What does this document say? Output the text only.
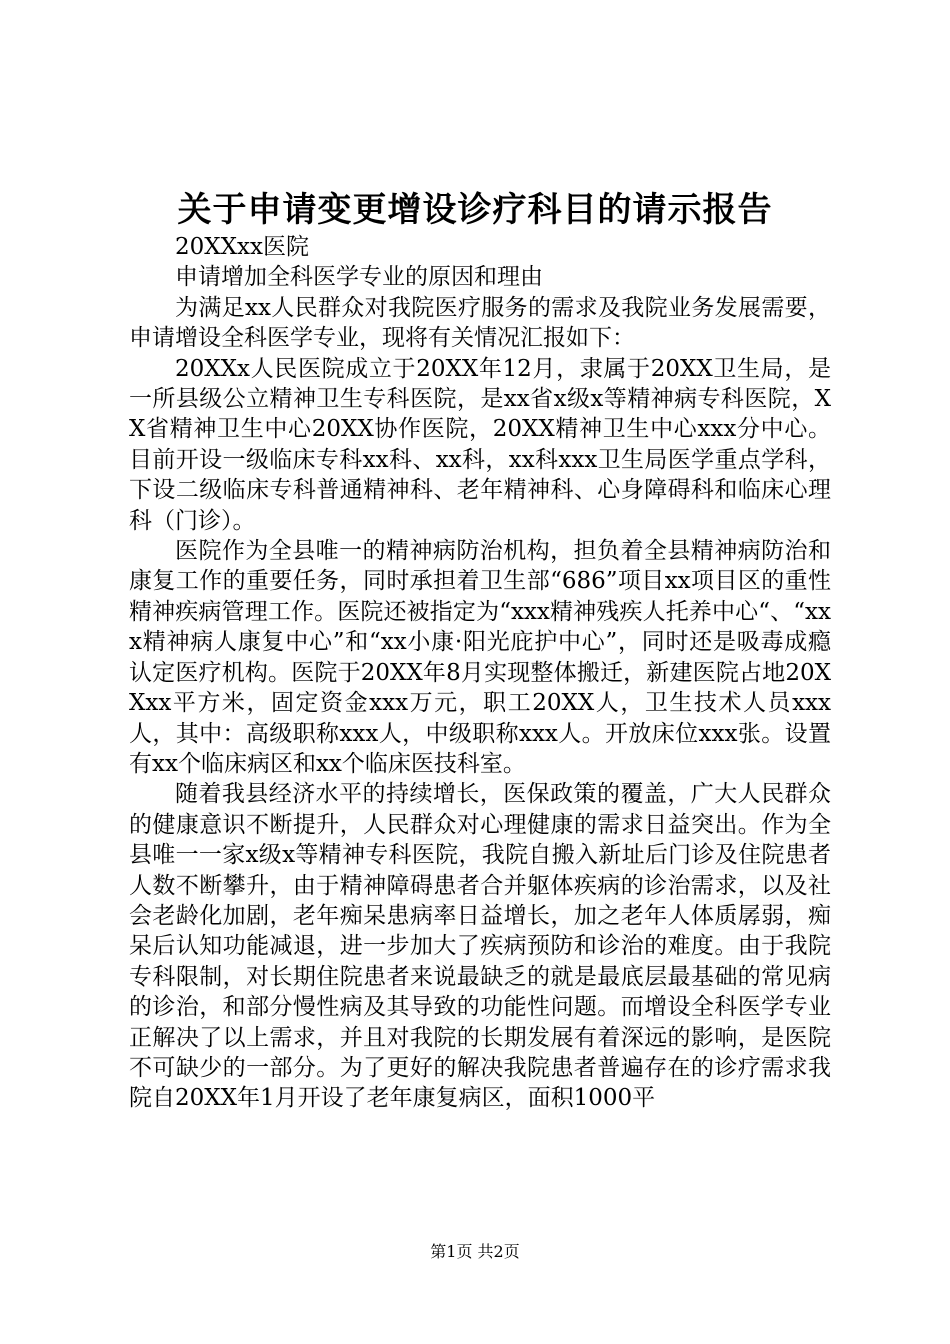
关于申请变更增设诊疗科目的请示报告

20XXxx医院

申请增加全科医学专业的原因和理由

为满足xx人民群众对我院医疗服务的需求及我院业务发展需要，申请增设全科医学专业，现将有关情况汇报如下：

20XXx人民医院成立于20XX年12月，隶属于20XX卫生局，是一所县级公立精神卫生专科医院，是xx省x级x等精神病专科医院，XX省精神卫生中心20XX协作医院，20XX精神卫生中心xxx分中心。目前开设一级临床专科xx科、xx科，xx科xxx卫生局医学重点学科，下设二级临床专科普通精神科、老年精神科、心身障碍科和临床心理科（门诊）。

医院作为全县唯一的精神病防治机构，担负着全县精神病防治和康复工作的重要任务，同时承担着卫生部“686”项目xx项目区的重性精神疾病管理工作。医院还被指定为“xxx精神残疾人托养中心“、“xxx精神病人康复中心”和“xx小康·阳光庇护中心”，同时还是吸毒成瘾认定医疗机构。医院于20XX年8月实现整体搬迁，新建医院占地20XXxx平方米，固定资金xxx万元，职工20XX人，卫生技术人员xxx人，其中：高级职称xxx人，中级职称xxx人。开放床位xxx张。设置有xx个临床病区和xx个临床医技科室。

随着我县经济水平的持续增长，医保政策的覆盖，广大人民群众的健康意识不断提升，人民群众对心理健康的需求日益突出。作为全县唯一一家x级x等精神专科医院，我院自搬入新址后门诊及住院患者人数不断攀升，由于精神障碍患者合并躯体疾病的诊治需求，以及社会老龄化加剧，老年痴呆患病率日益增长，加之老年人体质孱弱，痴呆后认知功能减退，进一步加大了疾病预防和诊治的难度。由于我院专科限制，对长期住院患者来说最缺乏的就是最底层最基础的常见病的诊治，和部分慢性病及其导致的功能性问题。而增设全科医学专业正解决了以上需求，并且对我院的长期发展有着深远的影响，是医院不可缺少的一部分。为了更好的解决我院患者普遍存在的诊疗需求我院自20XX年1月开设了老年康复病区，面积1000平

第1页 共2页
